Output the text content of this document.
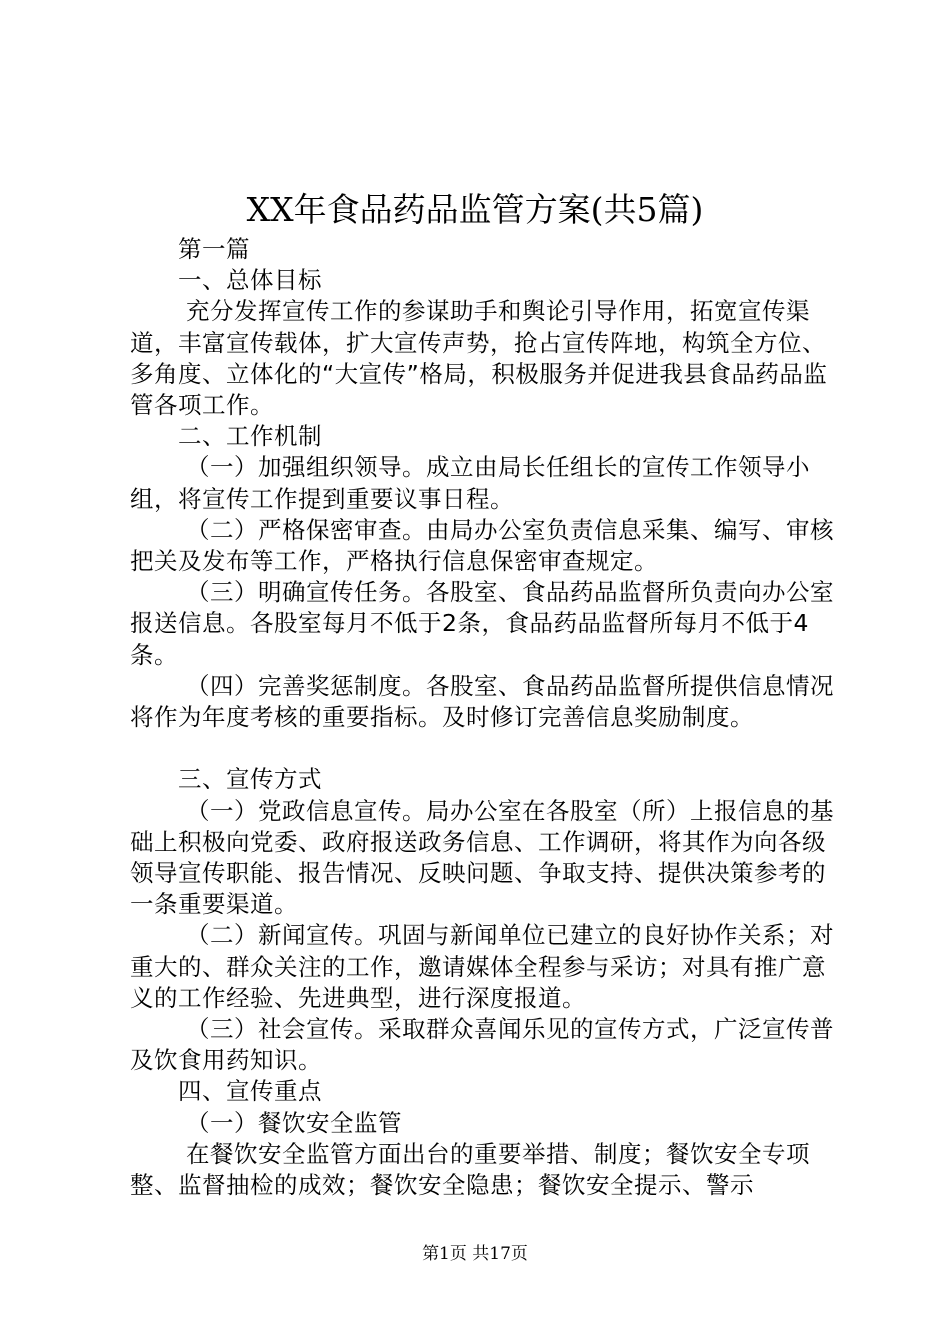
XX年食品药品监管方案(共5篇)

第一篇

一、总体目标

充分发挥宣传工作的参谋助手和舆论引导作用，拓宽宣传渠道，丰富宣传载体，扩大宣传声势，抢占宣传阵地，构筑全方位、多角度、立体化的“大宣传”格局，积极服务并促进我县食品药品监管各项工作。

二、工作机制

（一）加强组织领导。成立由局长任组长的宣传工作领导小组，将宣传工作提到重要议事日程。

（二）严格保密审查。由局办公室负责信息采集、编写、审核把关及发布等工作，严格执行信息保密审查规定。

（三）明确宣传任务。各股室、食品药品监督所负责向办公室报送信息。各股室每月不低于2条，食品药品监督所每月不低于4条。

（四）完善奖惩制度。各股室、食品药品监督所提供信息情况将作为年度考核的重要指标。及时修订完善信息奖励制度。

三、宣传方式

（一）党政信息宣传。局办公室在各股室（所）上报信息的基础上积极向党委、政府报送政务信息、工作调研，将其作为向各级领导宣传职能、报告情况、反映问题、争取支持、提供决策参考的一条重要渠道。

（二）新闻宣传。巩固与新闻单位已建立的良好协作关系；对重大的、群众关注的工作，邀请媒体全程参与采访；对具有推广意义的工作经验、先进典型，进行深度报道。

（三）社会宣传。采取群众喜闻乐见的宣传方式，广泛宣传普及饮食用药知识。

四、宣传重点

（一）餐饮安全监管

在餐饮安全监管方面出台的重要举措、制度；餐饮安全专项整、监督抽检的成效；餐饮安全隐患；餐饮安全提示、警示

第1页 共17页
